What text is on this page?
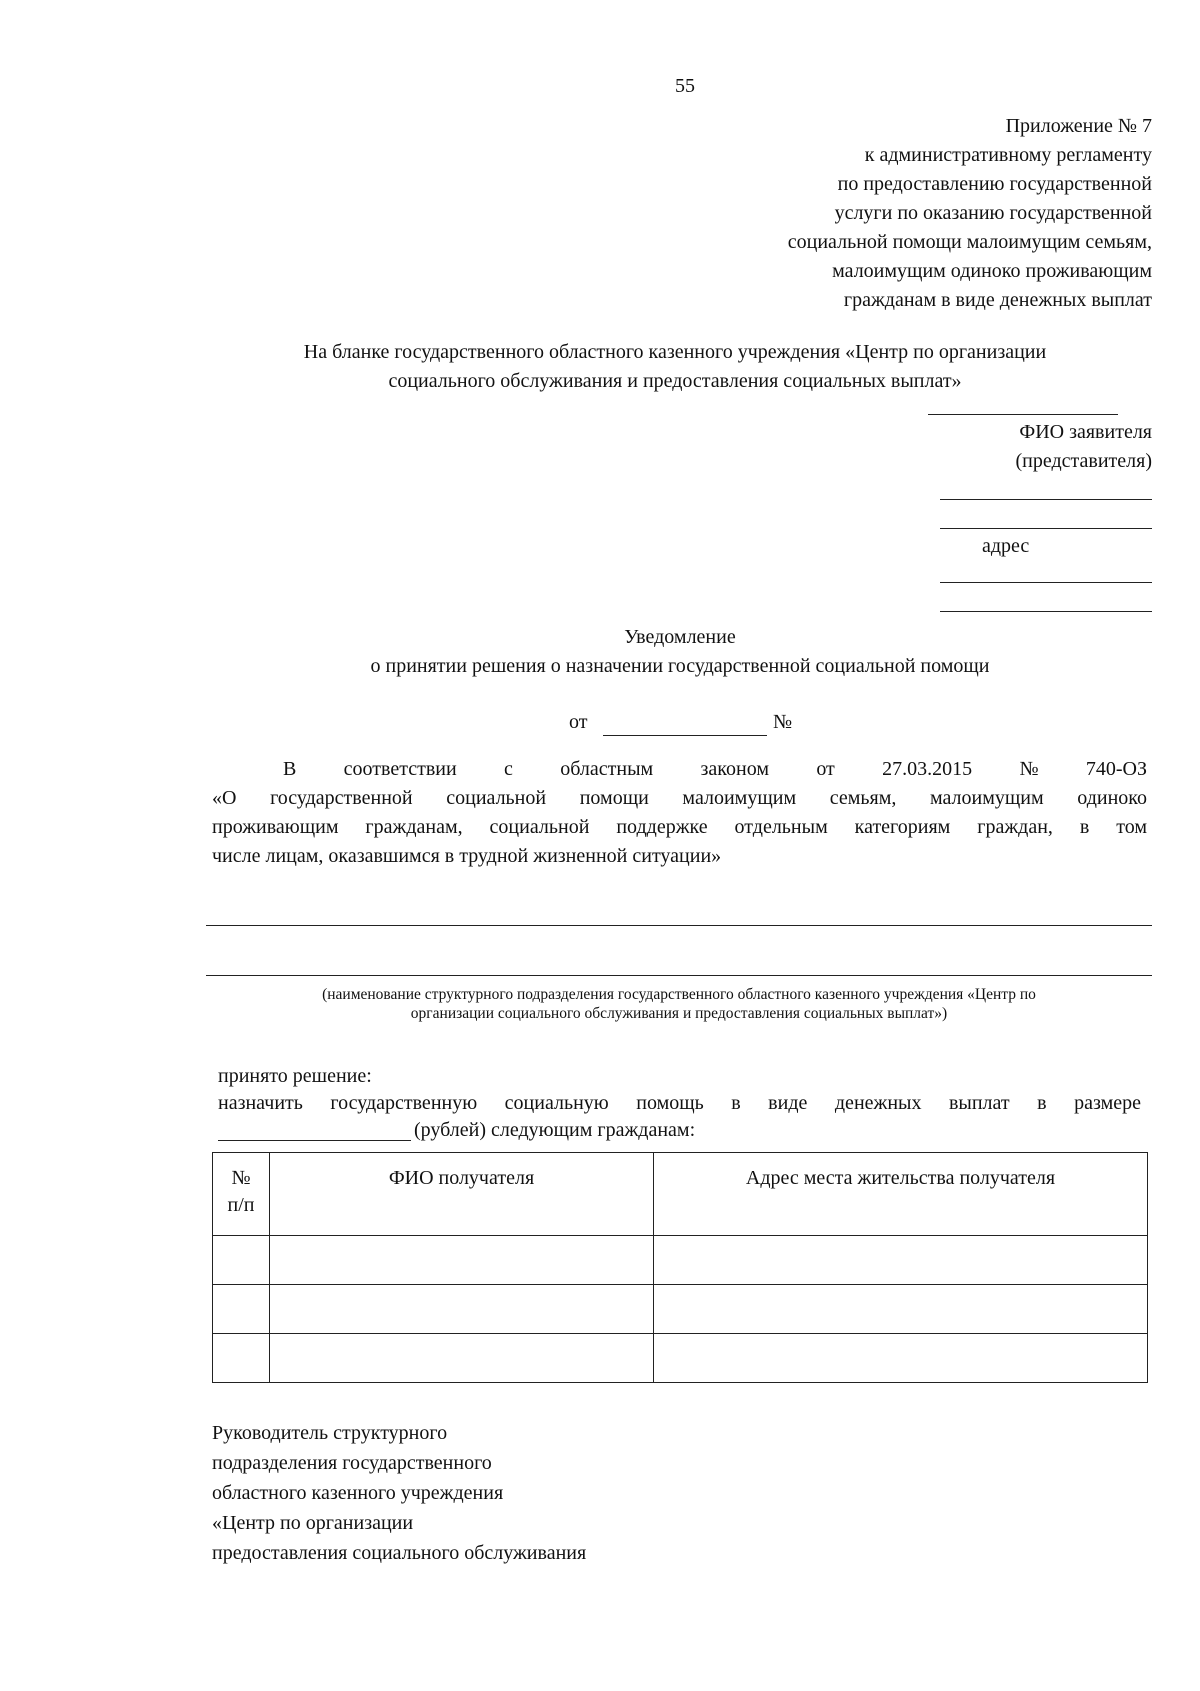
55
Приложение № 7
к административному регламенту
по предоставлению государственной
услуги по оказанию государственной
социальной помощи малоимущим семьям,
малоимущим одиноко проживающим
гражданам в виде денежных выплат
На бланке государственного областного казенного учреждения «Центр по организации
социального обслуживания и предоставления социальных выплат»
ФИО заявителя
(представителя)
адрес
Уведомление
о принятии решения о назначении государственной социальной помощи
от	№
В соответствии с областным законом от 27.03.2015 № 740-ОЗ
«О государственной социальной помощи малоимущим семьям, малоимущим одиноко
проживающим гражданам, социальной поддержке отдельным категориям граждан, в том
числе лицам, оказавшимся в трудной жизненной ситуации»
(наименование структурного подразделения государственного областного казенного учреждения «Центр по
организации социального обслуживания и предоставления социальных выплат»)
принято решение:
назначить государственную социальную помощь в виде денежных выплат в размере
(рублей) следующим гражданам:
№
п/п	ФИО получателя	Адрес места жительства получателя

Руководитель структурного
подразделения государственного
областного казенного учреждения
«Центр по организации
предоставления социального обслуживания
